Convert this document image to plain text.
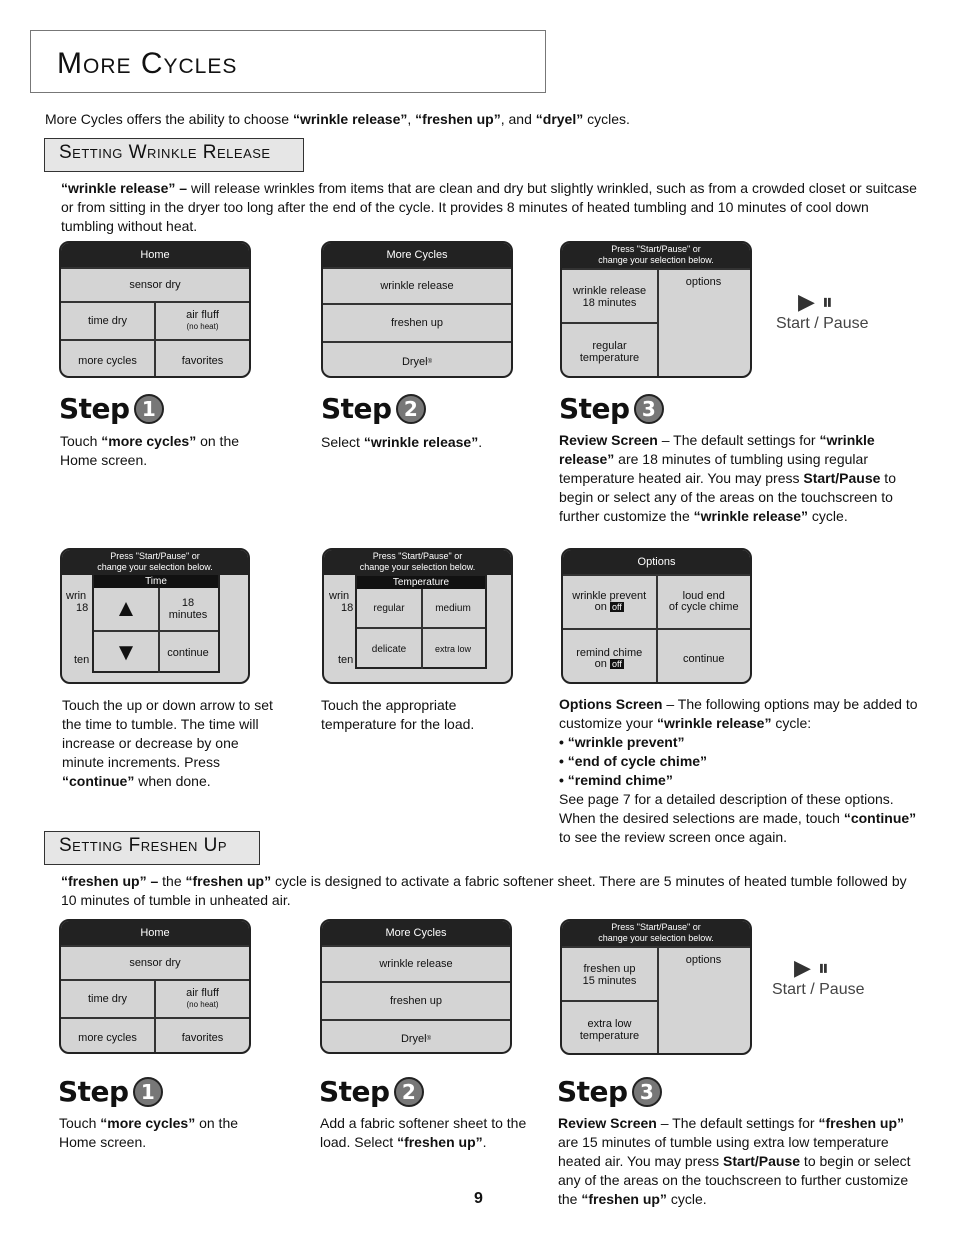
More Cycles
More Cycles offers the ability to choose “wrinkle release”, “freshen up”, and “dryel” cycles.
Setting Wrinkle Release
“wrinkle release” – will release wrinkles from items that are clean and dry but slightly wrinkled, such as from a crowded closet or suitcase or from sitting in the dryer too long after the end of the cycle. It provides 8 minutes of heated tumbling and 10 minutes of cool down tumbling without heat.
Home
sensor dry
time dry	air fluff
(no heat)
more cycles	favorites
More Cycles
wrinkle release
freshen up
Dryel ®
Press "Start/Pause" or
change your selection below.
wrinkle release
18 minutes
options
regular
temperature
▶ ⏸
Start / Pause
Step 1	Step 2	Step 3
Touch “more cycles” on the Home screen.
Select “wrinkle release”.	Review Screen – The default settings for “wrinkle release” are 18 minutes of tumbling using regular temperature heated air. You may press Start/Pause to begin or select any of the areas on the touchscreen to further customize the “wrinkle release” cycle.
Press "Start/Pause" or
change your selection below.
wrin
18
ten
Time
▲	18
minutes
▼	continue
Press "Start/Pause" or
change your selection below.
wrin
18
ten
Temperature
regular	medium
delicate	extra low
Options
wrinkle prevent
on off
loud end
of cycle chime
remind chime
on off	continue
Touch the up or down arrow to set the time to tumble. The time will increase or decrease by one minute increments. Press “continue” when done.
Touch the appropriate temperature for the load.
Options Screen – The following options may be added to customize your “wrinkle release” cycle:
• “wrinkle prevent”
• “end of cycle chime”
• “remind chime”
See page 7 for a detailed description of these options. When the desired selections are made, touch “continue” to see the review screen once again.
Setting Freshen Up
“freshen up” – the “freshen up” cycle is designed to activate a fabric softener sheet. There are 5 minutes of heated tumble followed by 10 minutes of tumble in unheated air.
Home
sensor dry
time dry	air fluff
(no heat)
more cycles	favorites
More Cycles
wrinkle release
freshen up
Dryel ®
Press "Start/Pause" or
change your selection below.
freshen up
15 minutes
options
extra low
temperature
▶ ⏸
Start / Pause
Step 1	Step 2	Step 3
Touch “more cycles” on the Home screen.
Add a fabric softener sheet to the load. Select “freshen up”.
Review Screen – The default settings for “freshen up” are 15 minutes of tumble using extra low temperature heated air. You may press Start/Pause to begin or select any of the areas on the touchscreen to further customize the “freshen up” cycle.
9
